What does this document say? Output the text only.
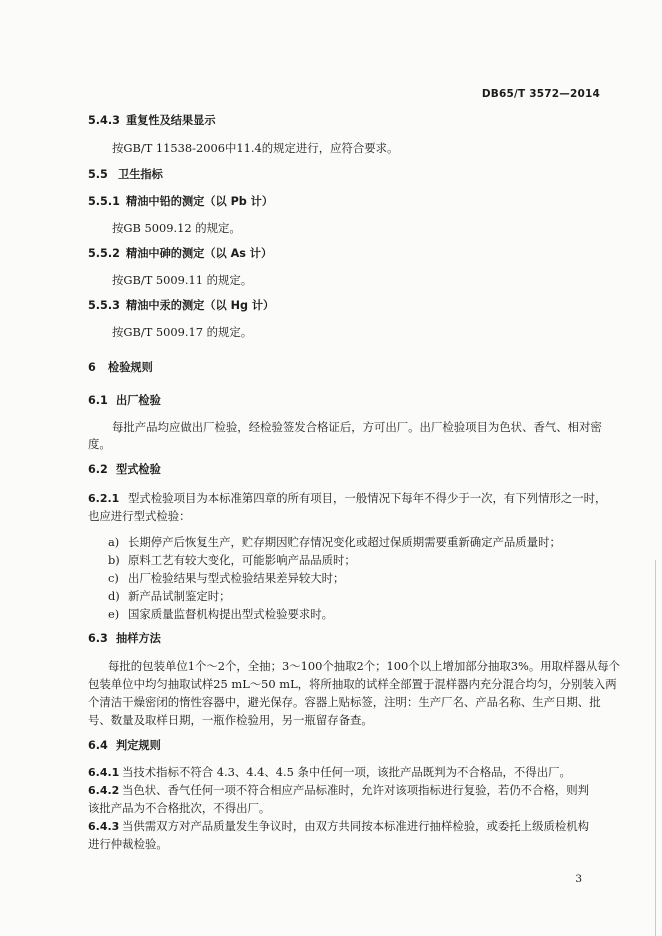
DB65/T 3572—2014
5.4.3 重复性及结果显示
按GB/T 11538-2006中11.4的规定进行，应符合要求。
5.5 卫生指标
5.5.1 精油中铅的测定（以 Pb 计）
按GB 5009.12 的规定。
5.5.2 精油中砷的测定（以 As 计）
按GB/T 5009.11 的规定。
5.5.3 精油中汞的测定（以 Hg 计）
按GB/T 5009.17 的规定。
6 检验规则
6.1 出厂检验
每批产品均应做出厂检验，经检验签发合格证后，方可出厂。出厂检验项目为色状、香气、相对密
度。
6.2 型式检验
6.2.1 型式检验项目为本标准第四章的所有项目，一般情况下每年不得少于一次，有下列情形之一时，
也应进行型式检验：
a) 长期停产后恢复生产，贮存期因贮存情况变化或超过保质期需要重新确定产品质量时；
b) 原料工艺有较大变化，可能影响产品品质时；
c) 出厂检验结果与型式检验结果差异较大时；
d) 新产品试制鉴定时；
e) 国家质量监督机构提出型式检验要求时。
6.3 抽样方法
每批的包装单位1个～2个，全抽；3～100个抽取2个；100个以上增加部分抽取3%。用取样器从每个
包装单位中均匀抽取试样25 mL～50 mL，将所抽取的试样全部置于混样器内充分混合均匀，分别装入两
个清洁干燥密闭的惰性容器中，避光保存。容器上贴标签，注明：生产厂名、产品名称、生产日期、批
号、数量及取样日期，一瓶作检验用，另一瓶留存备查。
6.4 判定规则
6.4.1 当技术指标不符合 4.3、4.4、4.5 条中任何一项，该批产品既判为不合格品，不得出厂。
6.4.2 当色状、香气任何一项不符合相应产品标准时，允许对该项指标进行复验，若仍不合格，则判
该批产品为不合格批次，不得出厂。
6.4.3 当供需双方对产品质量发生争议时，由双方共同按本标准进行抽样检验，或委托上级质检机构
进行仲裁检验。
3
